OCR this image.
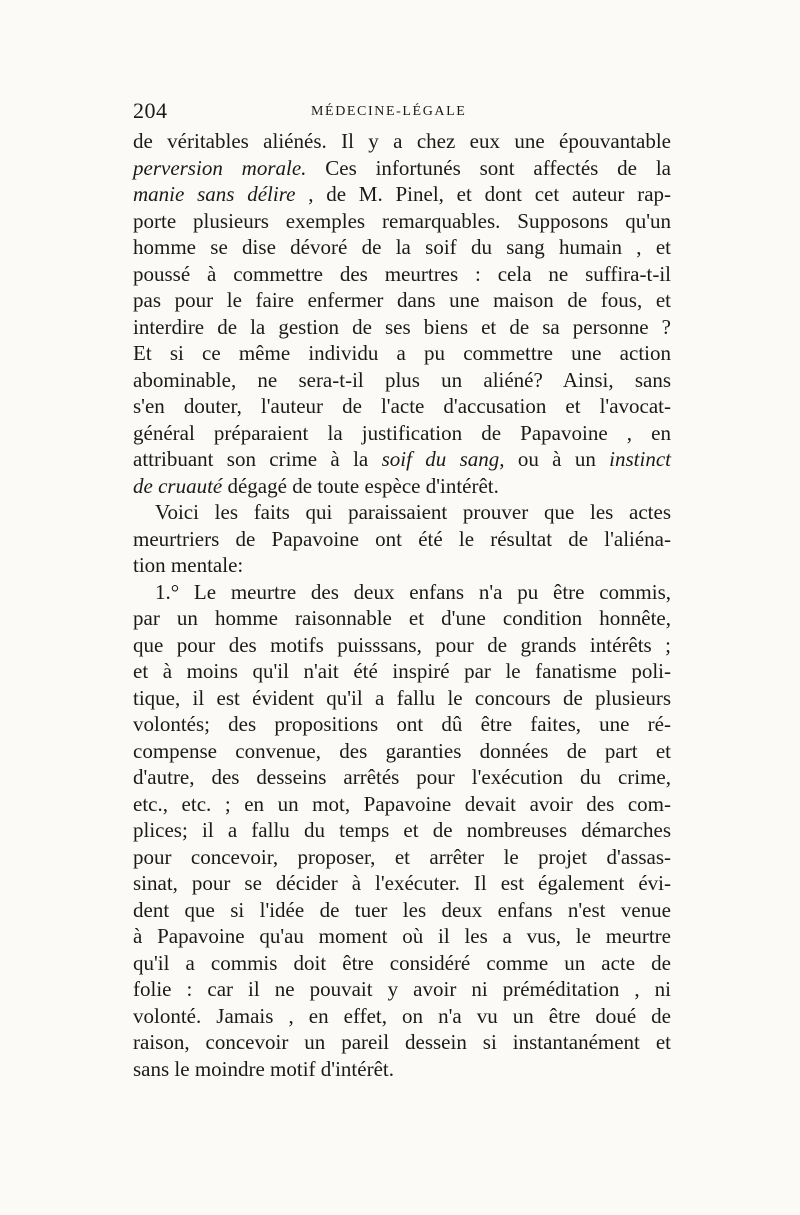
204	MÉDECINE-LÉGALE
de véritables aliénés. Il y a chez eux une épouvantable
perversion morale. Ces infortunés sont affectés de la
manie sans délire , de M. Pinel, et dont cet auteur rap-
porte plusieurs exemples remarquables. Supposons qu'un
homme se dise dévoré de la soif du sang humain , et
poussé à commettre des meurtres : cela ne suffira-t-il
pas pour le faire enfermer dans une maison de fous, et
interdire de la gestion de ses biens et de sa personne ?
Et si ce même individu a pu commettre une action
abominable, ne sera-t-il plus un aliéné? Ainsi, sans
s'en douter, l'auteur de l'acte d'accusation et l'avocat-
général préparaient la justification de Papavoine , en
attribuant son crime à la soif du sang, ou à un instinct
de cruauté dégagé de toute espèce d'intérêt.
Voici les faits qui paraissaient prouver que les actes
meurtriers de Papavoine ont été le résultat de l'aliéna-
tion mentale:
1.° Le meurtre des deux enfans n'a pu être commis,
par un homme raisonnable et d'une condition honnête,
que pour des motifs puisssans, pour de grands intérêts ;
et à moins qu'il n'ait été inspiré par le fanatisme poli-
tique, il est évident qu'il a fallu le concours de plusieurs
volontés; des propositions ont dû être faites, une ré-
compense convenue, des garanties données de part et
d'autre, des desseins arrêtés pour l'exécution du crime,
etc., etc. ; en un mot, Papavoine devait avoir des com-
plices; il a fallu du temps et de nombreuses démarches
pour concevoir, proposer, et arrêter le projet d'assas-
sinat, pour se décider à l'exécuter. Il est également évi-
dent que si l'idée de tuer les deux enfans n'est venue
à Papavoine qu'au moment où il les a vus, le meurtre
qu'il a commis doit être considéré comme un acte de
folie : car il ne pouvait y avoir ni préméditation , ni
volonté. Jamais , en effet, on n'a vu un être doué de
raison, concevoir un pareil dessein si instantanément et
sans le moindre motif d'intérêt.
